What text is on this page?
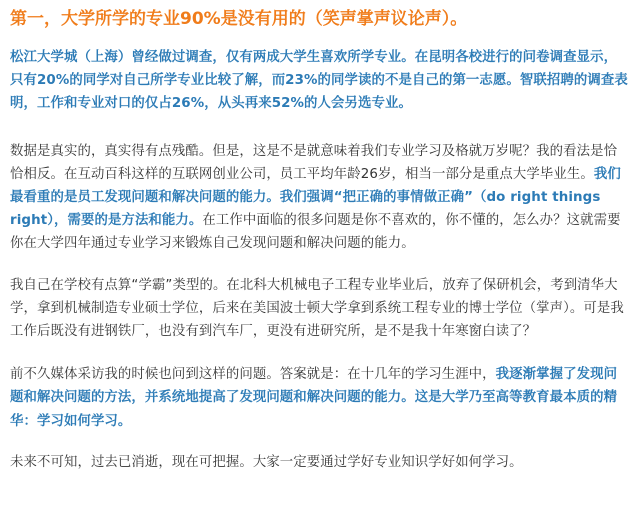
第一，大学所学的专业90%是没有用的（笑声掌声议论声）。

松江大学城（上海）曾经做过调查，仅有两成大学生喜欢所学专业。在昆明各校进行的问卷调查显示，只有20%的同学对自己所学专业比较了解，而23%的同学读的不是自己的第一志愿。智联招聘的调查表明，工作和专业对口的仅占26%，从头再来52%的人会另选专业。

数据是真实的，真实得有点残酷。但是，这是不是就意味着我们专业学习及格就万岁呢？我的看法是恰恰相反。在互动百科这样的互联网创业公司，员工平均年龄26岁，相当一部分是重点大学毕业生。我们最看重的是员工发现问题和解决问题的能力。我们强调“把正确的事情做正确”（do right things right），需要的是方法和能力。在工作中面临的很多问题是你不喜欢的，你不懂的，怎么办？这就需要你在大学四年通过专业学习来锻炼自己发现问题和解决问题的能力。

我自己在学校有点算“学霸”类型的。在北科大机械电子工程专业毕业后，放弃了保研机会，考到清华大学，拿到机械制造专业硕士学位，后来在美国波士顿大学拿到系统工程专业的博士学位（掌声）。可是我工作后既没有进钢铁厂，也没有到汽车厂，更没有进研究所，是不是我十年寒窗白读了？

前不久媒体采访我的时候也问到这样的问题。答案就是：在十几年的学习生涯中，我逐渐掌握了发现问题和解决问题的方法，并系统地提高了发现问题和解决问题的能力。这是大学乃至高等教育最本质的精华：学习如何学习。

未来不可知，过去已消逝，现在可把握。大家一定要通过学好专业知识学好如何学习。
